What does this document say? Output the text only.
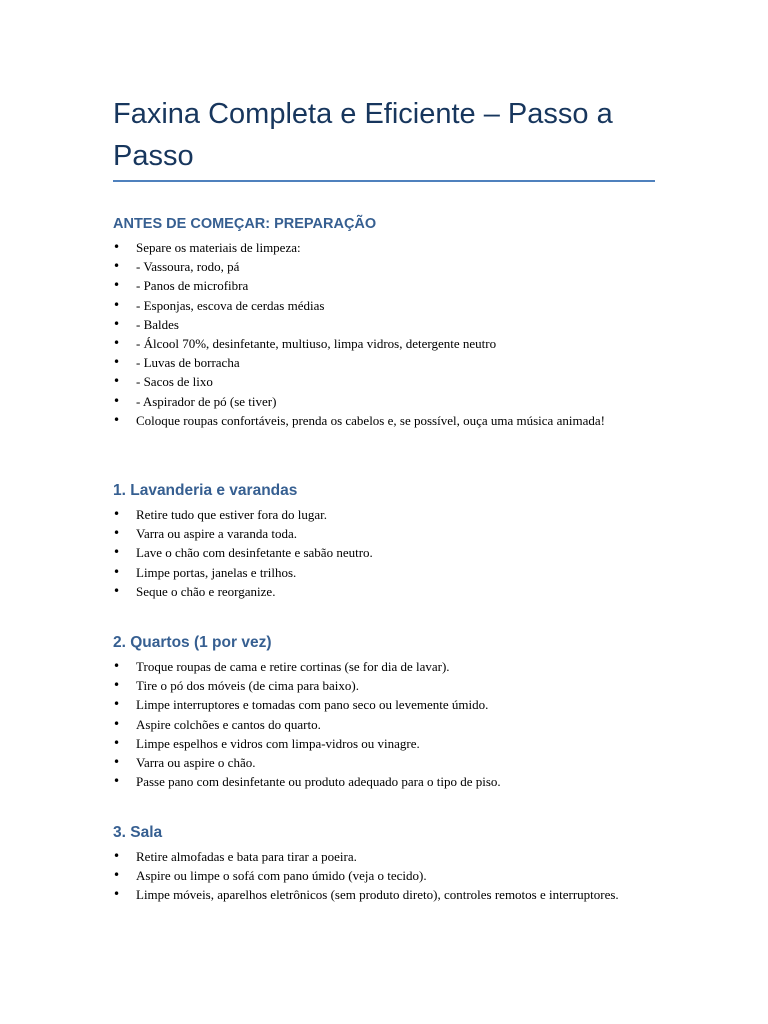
Faxina Completa e Eficiente – Passo a Passo
ANTES DE COMEÇAR: PREPARAÇÃO
• Separe os materiais de limpeza:
• - Vassoura, rodo, pá
• - Panos de microfibra
• - Esponjas, escova de cerdas médias
• - Baldes
• - Álcool 70%, desinfetante, multiuso, limpa vidros, detergente neutro
• - Luvas de borracha
• - Sacos de lixo
• - Aspirador de pó (se tiver)
• Coloque roupas confortáveis, prenda os cabelos e, se possível, ouça uma música animada!
1. Lavanderia e varandas
• Retire tudo que estiver fora do lugar.
• Varra ou aspire a varanda toda.
• Lave o chão com desinfetante e sabão neutro.
• Limpe portas, janelas e trilhos.
• Seque o chão e reorganize.
2. Quartos (1 por vez)
• Troque roupas de cama e retire cortinas (se for dia de lavar).
• Tire o pó dos móveis (de cima para baixo).
• Limpe interruptores e tomadas com pano seco ou levemente úmido.
• Aspire colchões e cantos do quarto.
• Limpe espelhos e vidros com limpa-vidros ou vinagre.
• Varra ou aspire o chão.
• Passe pano com desinfetante ou produto adequado para o tipo de piso.
3. Sala
• Retire almofadas e bata para tirar a poeira.
• Aspire ou limpe o sofá com pano úmido (veja o tecido).
• Limpe móveis, aparelhos eletrônicos (sem produto direto), controles remotos e interruptores.
